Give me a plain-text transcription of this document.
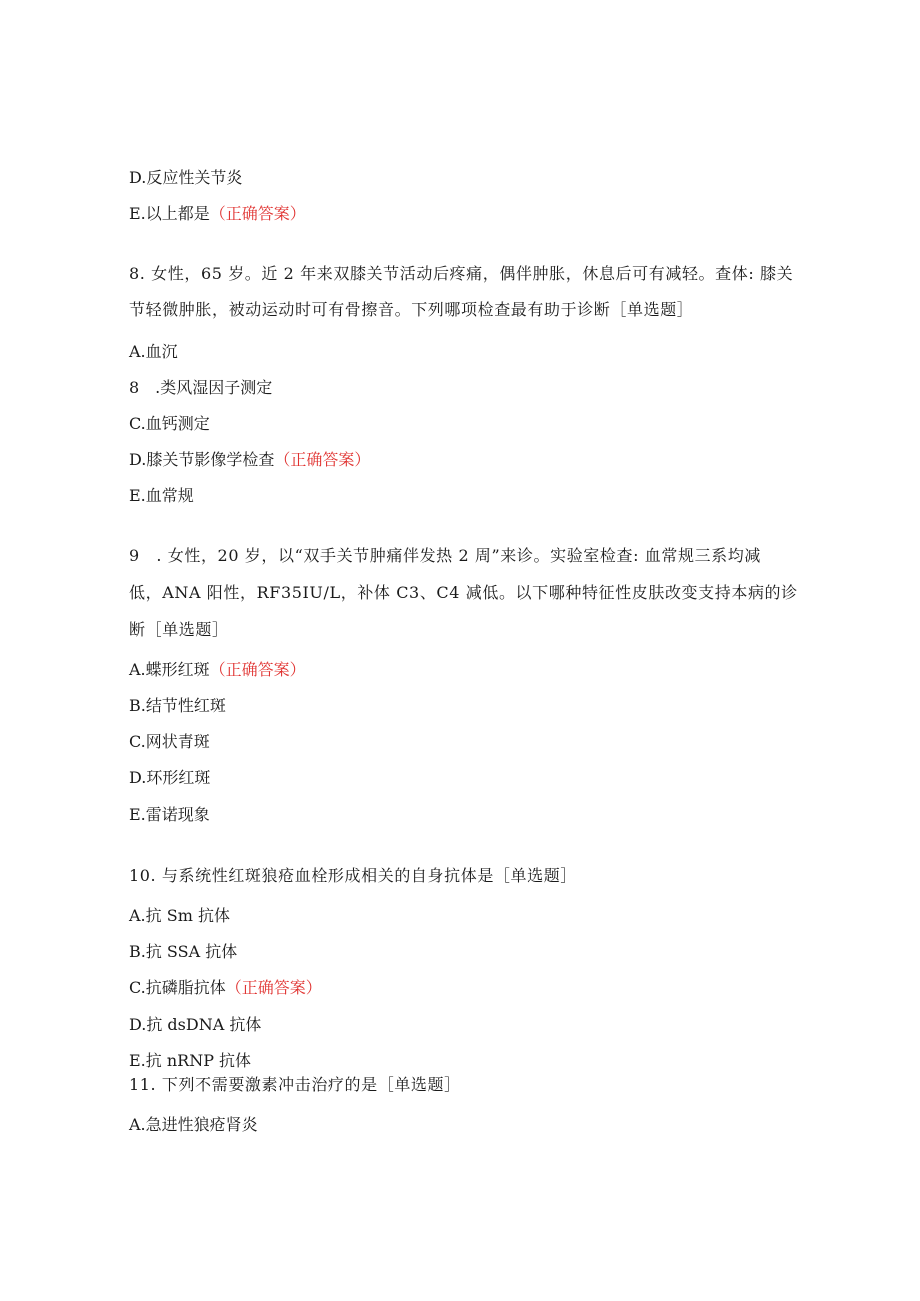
D.反应性关节炎
E.以上都是（正确答案）
8. 女性，65 岁。近 2 年来双膝关节活动后疼痛，偶伴肿胀，休息后可有减轻。查体: 膝关
节轻微肿胀，被动运动时可有骨擦音。下列哪项检查最有助于诊断［单选题］
A.血沉
8　.类风湿因子测定
C.血钙测定
D.膝关节影像学检查（正确答案）
E.血常规
9　. 女性，20 岁，以“双手关节肿痛伴发热 2 周”来诊。实验室检查: 血常规三系均减
低，ANA 阳性，RF35IU/L，补体 C3、C4 减低。以下哪种特征性皮肤改变支持本病的诊
断［单选题］
A.蝶形红斑（正确答案）
B.结节性红斑
C.网状青斑
D.环形红斑
E.雷诺现象
10. 与系统性红斑狼疮血栓形成相关的自身抗体是［单选题］
A.抗 Sm 抗体
B.抗 SSA 抗体
C.抗磷脂抗体（正确答案）
D.抗 dsDNA 抗体
E.抗 nRNP 抗体
11. 下列不需要激素冲击治疗的是［单选题］
A.急进性狼疮肾炎
